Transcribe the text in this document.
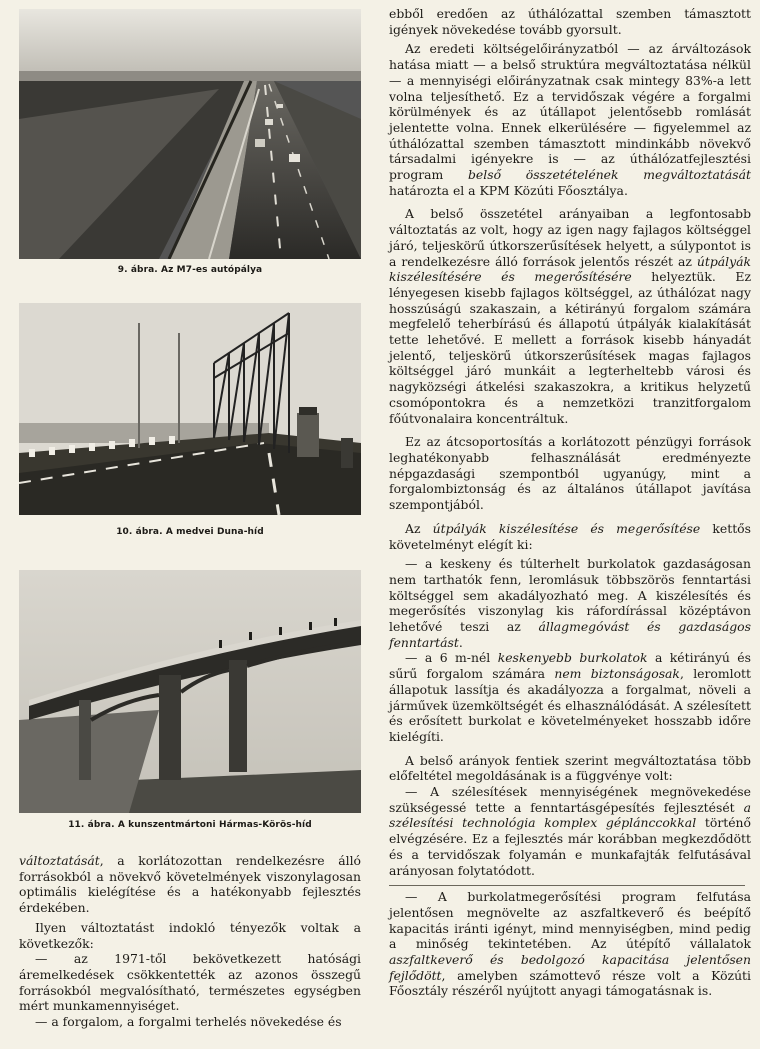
9. ábra. Az M7-es autópálya
10. ábra. A medvei Duna-híd
11. ábra. A kunszentmártoni Hármas-Körös-híd

változtatását, a korlátozottan rendelkezésre álló forrásokból a növekvő követelmények viszonylagosan optimális kielégítése és a hatékonyabb fejlesztés érdekében.

Ilyen változtatást indokló tényezők voltak a következők:

— az 1971-től bekövetkezett hatósági áremelkedések csökkentették az azonos összegű forrásokból megvalósítható, természetes egységben mért munkamennyiséget.

— a forgalom, a forgalmi terhelés növekedése és

ebből eredően az úthálózattal szemben támasztott igények növekedése tovább gyorsult.

Az eredeti költségelőirányzatból — az árváltozások hatása miatt — a belső struktúra megváltoztatása nélkül — a mennyiségi előirányzatnak csak mintegy 83%-a lett volna teljesíthető. Ez a tervidőszak végére a forgalmi körülmények és az útállapot jelentősebb romlását jelentette volna. Ennek elkerülésére — figyelemmel az úthálózattal szemben támasztott mindinkább növekvő társadalmi igényekre is — az úthálózatfejlesztési program belső összetételének megváltoztatását határozta el a KPM Közúti Főosztálya.

A belső összetétel arányaiban a legfontosabb változtatás az volt, hogy az igen nagy fajlagos költséggel járó, teljeskörű útkorszerűsítések helyett, a súlypontot is a rendelkezésre álló források jelentős részét az útpályák kiszélesítésére és megerősítésére helyeztük. Ez lényegesen kisebb fajlagos költséggel, az úthálózat nagy hosszúságú szakaszain, a kétirányú forgalom számára megfelelő teherbírású és állapotú útpályák kialakítását tette lehetővé. E mellett a források kisebb hányadát jelentő, teljeskörű útkorszerűsítések magas fajlagos költséggel járó munkáit a legterheltebb városi és nagyközségi átkelési szakaszokra, a kritikus helyzetű csomópontokra és a nemzetközi tranzitforgalom főútvonalaira koncentráltuk.

Ez az átcsoportosítás a korlátozott pénzügyi források leghatékonyabb felhasználását eredményezte népgazdasági szempontból ugyanúgy, mint a forgalombiztonság és az általános útállapot javítása szempontjából.

Az útpályák kiszélesítése és megerősítése kettős követelményt elégít ki:

— a keskeny és túlterhelt burkolatok gazdaságosan nem tarthatók fenn, leromlásuk többszörös fenntartási költséggel sem akadályozható meg. A kiszélesítés és megerősítés viszonylag kis ráfordírással középtávon lehetővé teszi az állagmegóvást és gazdaságos fenntartást.

— a 6 m-nél keskenyebb burkolatok a kétirányú és sűrű forgalom számára nem biztonságosak, leromlott állapotuk lassítja és akadályozza a forgalmat, növeli a járművek üzemköltségét és elhasználódását. A szélesített és erősített burkolat e követelményeket hosszabb időre kielégíti.

A belső arányok fentiek szerint megváltoztatása több előfeltétel megoldásának is a függvénye volt:

— A szélesítések mennyiségének megnövekedése szükségessé tette a fenntartásgépesítés fejlesztését a szélesítési technológia komplex géplánccokkal történő elvégzésére. Ez a fejlesztés már korábban megkezdődött és a tervidőszak folyamán e munkafajták felfutásával arányosan folytatódott.

— A burkolatmegerősítési program felfutása jelentősen megnövelte az aszfaltkeverő és beépítő kapacitás iránti igényt, mind mennyiségben, mind pedig a minőség tekintetében. Az útépítő vállalatok aszfaltkeverő és bedolgozó kapacitása jelentősen fejlődött, amelyben számottevő része volt a Közúti Főosztály részéről nyújtott anyagi támogatásnak is.
